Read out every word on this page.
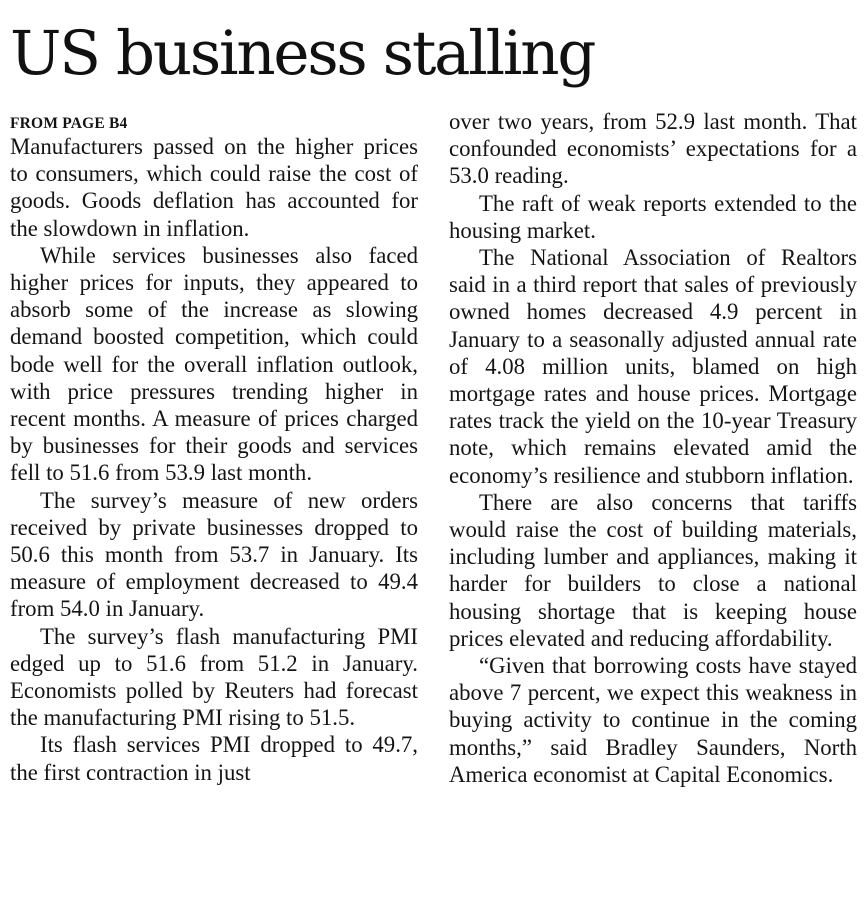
US business stalling
FROM PAGE B4

Manufacturers passed on the higher prices to consumers, which could raise the cost of goods. Goods deflation has accounted for the slowdown in inflation.

While services businesses also faced higher prices for inputs, they appeared to absorb some of the increase as slowing demand boosted competition, which could bode well for the overall inflation outlook, with price pressures trending higher in recent months. A measure of prices charged by businesses for their goods and services fell to 51.6 from 53.9 last month.

The survey’s measure of new orders received by private businesses dropped to 50.6 this month from 53.7 in January. Its measure of employment decreased to 49.4 from 54.0 in January.

The survey’s flash manufacturing PMI edged up to 51.6 from 51.2 in January. Economists polled by Reuters had forecast the manufacturing PMI rising to 51.5.

Its flash services PMI dropped to 49.7, the first contraction in just

over two years, from 52.9 last month. That confounded economists’ expectations for a 53.0 reading.

The raft of weak reports extended to the housing market.

The National Association of Realtors said in a third report that sales of previously owned homes decreased 4.9 percent in January to a seasonally adjusted annual rate of 4.08 million units, blamed on high mortgage rates and house prices. Mortgage rates track the yield on the 10-year Treasury note, which remains elevated amid the economy’s resilience and stubborn inflation.

There are also concerns that tariffs would raise the cost of building materials, including lumber and appliances, making it harder for builders to close a national housing shortage that is keeping house prices elevated and reducing affordability.

“Given that borrowing costs have stayed above 7 percent, we expect this weakness in buying activity to continue in the coming months,” said Bradley Saunders, North America economist at Capital Economics.
